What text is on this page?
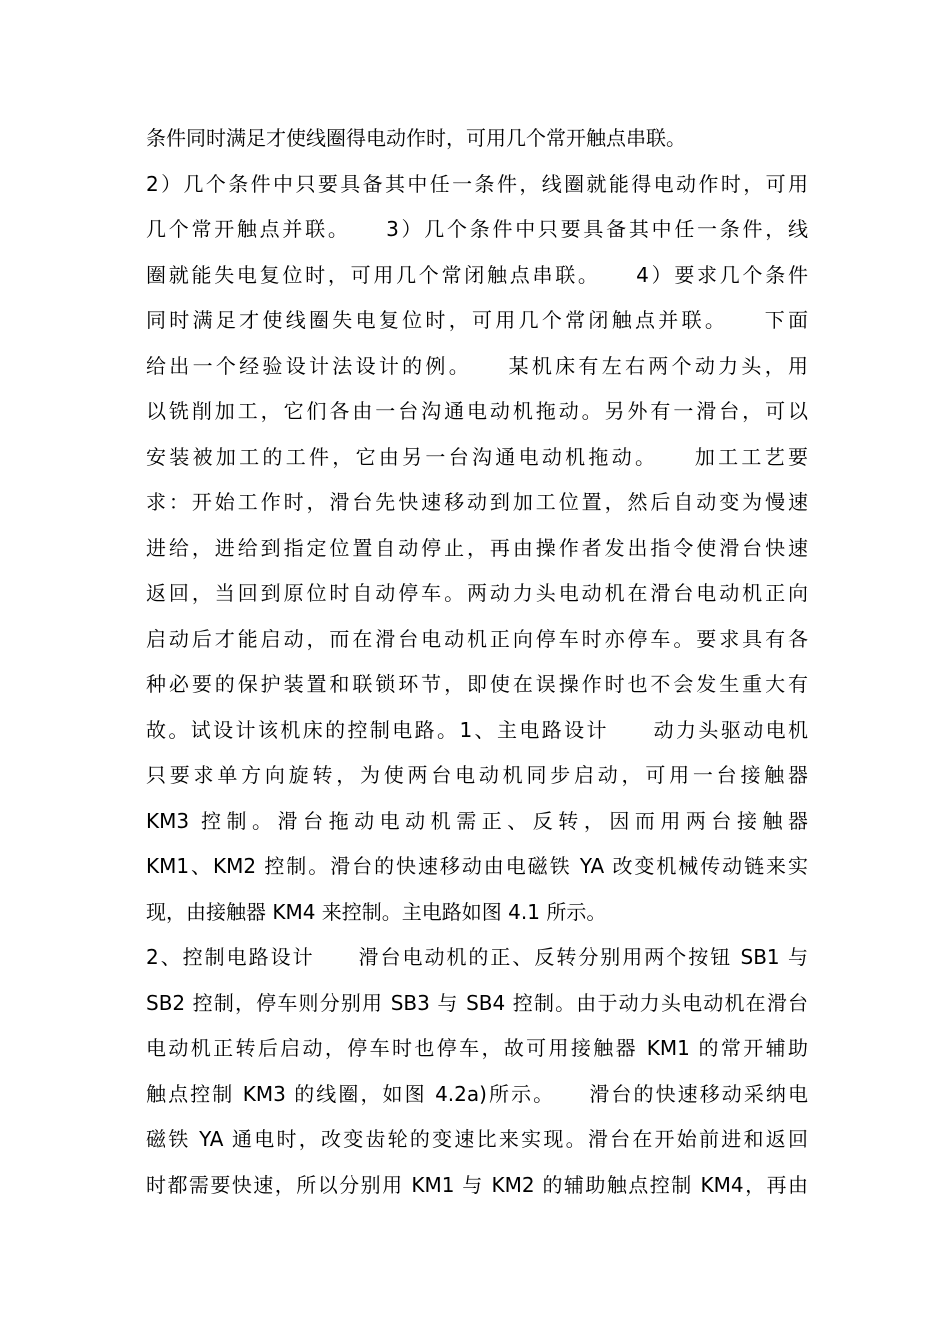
条件同时满足才使线圈得电动作时，可用几个常开触点串联。
2）几个条件中只要具备其中任一条件，线圈就能得电动作时，可用
几个常开触点并联。　　3）几个条件中只要具备其中任一条件，线
圈就能失电复位时，可用几个常闭触点串联。　　4）要求几个条件
同时满足才使线圈失电复位时，可用几个常闭触点并联。　　下面
给出一个经验设计法设计的例。　　某机床有左右两个动力头，用
以铣削加工，它们各由一台沟通电动机拖动。另外有一滑台，可以
安装被加工的工件，它由另一台沟通电动机拖动。　　加工工艺要
求：开始工作时，滑台先快速移动到加工位置，然后自动变为慢速
进给，进给到指定位置自动停止，再由操作者发出指令使滑台快速
返回，当回到原位时自动停车。两动力头电动机在滑台电动机正向
启动后才能启动，而在滑台电动机正向停车时亦停车。要求具有各
种必要的保护装置和联锁环节，即使在误操作时也不会发生重大有
故。试设计该机床的控制电路。1、主电路设计　　动力头驱动电机
只要求单方向旋转，为使两台电动机同步启动，可用一台接触器
KM3 控制。滑台拖动电动机需正、反转，因而用两台接触器
KM1、KM2 控制。滑台的快速移动由电磁铁 YA 改变机械传动链来实
现，由接触器 KM4 来控制。主电路如图 4.1 所示。
2、控制电路设计　　滑台电动机的正、反转分别用两个按钮 SB1 与
SB2 控制，停车则分别用 SB3 与 SB4 控制。由于动力头电动机在滑台
电动机正转后启动，停车时也停车，故可用接触器 KM1 的常开辅助
触点控制 KM3 的线圈，如图 4.2a)所示。　　滑台的快速移动采纳电
磁铁 YA 通电时，改变齿轮的变速比来实现。滑台在开始前进和返回
时都需要快速，所以分别用 KM1 与 KM2 的辅助触点控制 KM4，再由
